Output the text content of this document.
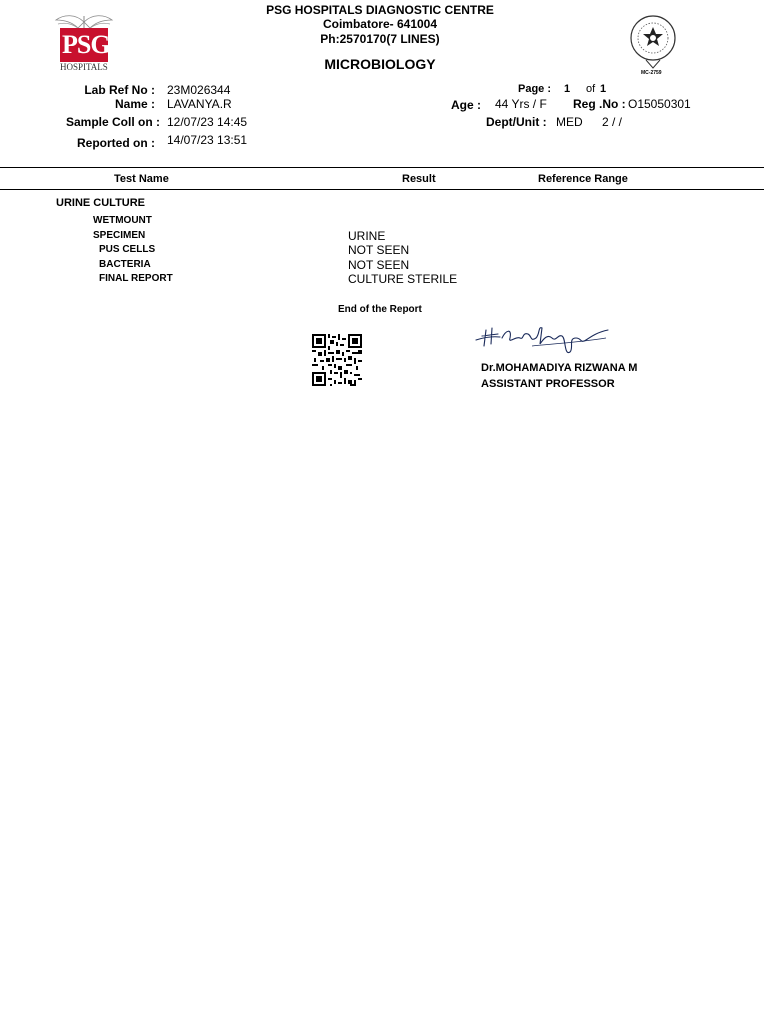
PSG
HOSPITALS
PSG HOSPITALS DIAGNOSTIC CENTRE
Coimbatore- 641004
Ph:2570170(7 LINES)
MICROBIOLOGY
MC-2759
Lab Ref No : 23M026344
Name : LAVANYA.R
Sample Coll on : 12/07/23 14:45
Reported on : 14/07/23 13:51
Page : 1 of 1
Age : 44 Yrs / F Reg .No : O15050301
Dept/Unit : MED 2 / /
Test Name	Result	Reference Range
URINE CULTURE
WETMOUNT
SPECIMEN	URINE
PUS CELLS	NOT SEEN
BACTERIA	NOT SEEN
FINAL REPORT	CULTURE STERILE
End of the Report
Dr.MOHAMADIYA RIZWANA M
ASSISTANT PROFESSOR
